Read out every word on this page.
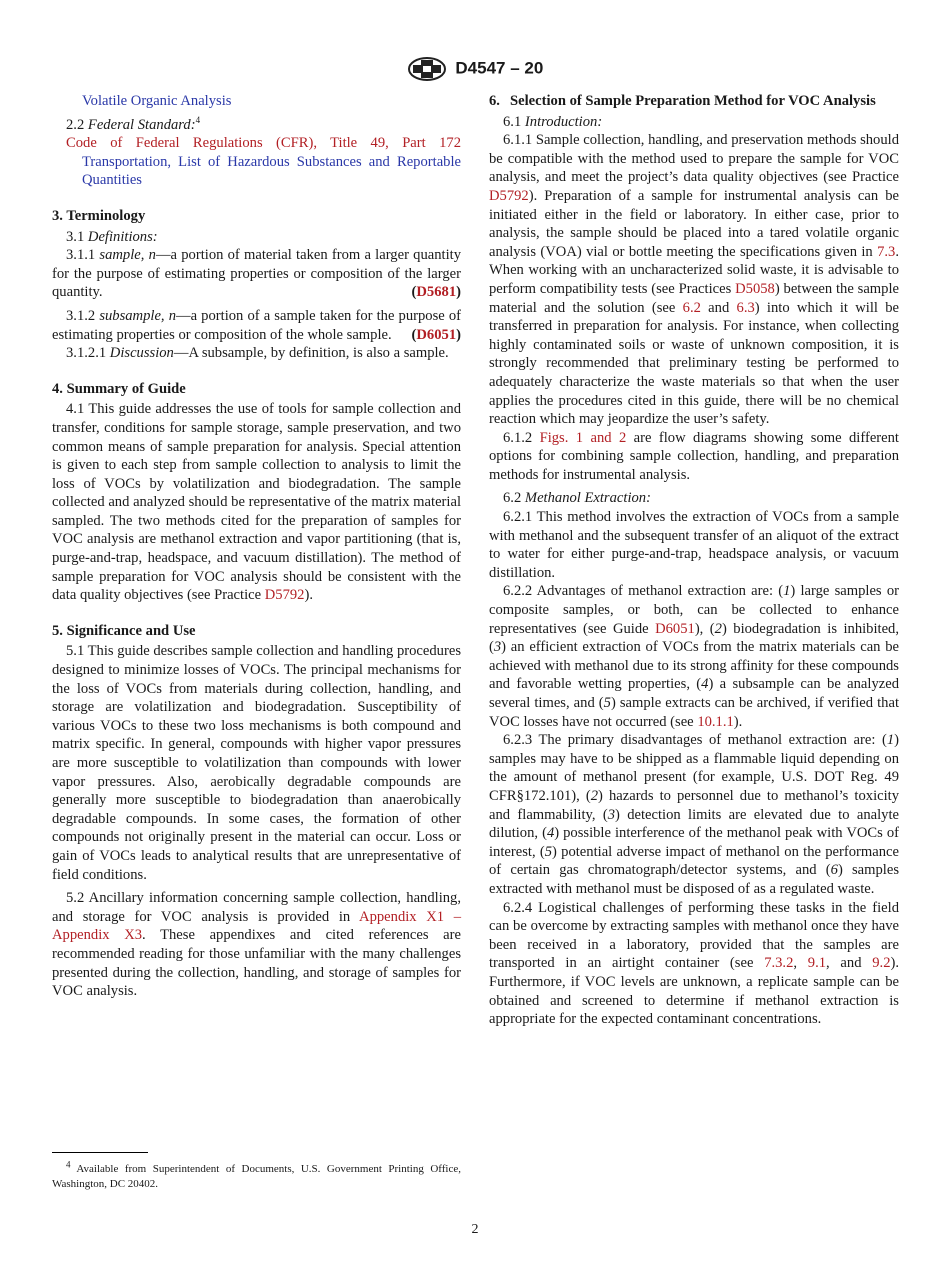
D4547 – 20

Volatile Organic Analysis

2.2 Federal Standard:$^4$

Code of Federal Regulations (CFR), Title 49, Part 172 Transportation, List of Hazardous Substances and Reportable Quantities

3. Terminology

3.1 Definitions:

3.1.1 sample, n—a portion of material taken from a larger quantity for the purpose of estimating properties or composition of the larger quantity.	(D5681)

3.1.2 subsample, n—a portion of a sample taken for the purpose of estimating properties or composition of the whole sample.	(D6051)

3.1.2.1 Discussion—A subsample, by definition, is also a sample.

4. Summary of Guide

4.1 This guide addresses the use of tools for sample collection and transfer, conditions for sample storage, sample preservation, and two common means of sample preparation for analysis. Special attention is given to each step from sample collection to analysis to limit the loss of VOCs by volatilization and biodegradation. The sample collected and analyzed should be representative of the matrix material sampled. The two methods cited for the preparation of samples for VOC analysis are methanol extraction and vapor partitioning (that is, purge-and-trap, headspace, and vacuum distillation). The method of sample preparation for VOC analysis should be consistent with the data quality objectives (see Practice D5792).

5. Significance and Use

5.1 This guide describes sample collection and handling procedures designed to minimize losses of VOCs. The principal mechanisms for the loss of VOCs from materials during collection, handling, and storage are volatilization and biodegradation. Susceptibility of various VOCs to these two loss mechanisms is both compound and matrix specific. In general, compounds with higher vapor pressures are more susceptible to volatilization than compounds with lower vapor pressures. Also, aerobically degradable compounds are generally more susceptible to biodegradation than anaerobically degradable compounds. In some cases, the formation of other compounds not originally present in the material can occur. Loss or gain of VOCs leads to analytical results that are unrepresentative of field conditions.

5.2 Ancillary information concerning sample collection, handling, and storage for VOC analysis is provided in Appendix X1 – Appendix X3. These appendixes and cited references are recommended reading for those unfamiliar with the many challenges presented during the collection, handling, and storage of samples for VOC analysis.

$^4$ Available from Superintendent of Documents, U.S. Government Printing Office, Washington, DC 20402.

6. Selection of Sample Preparation Method for VOC Analysis

6.1 Introduction:

6.1.1 Sample collection, handling, and preservation methods should be compatible with the method used to prepare the sample for VOC analysis, and meet the project’s data quality objectives (see Practice D5792). Preparation of a sample for instrumental analysis can be initiated either in the field or laboratory. In either case, prior to analysis, the sample should be placed into a tared volatile organic analysis (VOA) vial or bottle meeting the specifications given in 7.3. When working with an uncharacterized solid waste, it is advisable to perform compatibility tests (see Practices D5058) between the sample material and the solution (see 6.2 and 6.3) into which it will be transferred in preparation for analysis. For instance, when collecting highly contaminated soils or waste of unknown composition, it is strongly recommended that preliminary testing be performed to adequately characterize the waste materials so that when the user applies the procedures cited in this guide, there will be no chemical reaction which may jeopardize the user’s safety.

6.1.2 Figs. 1 and 2 are flow diagrams showing some different options for combining sample collection, handling, and preparation methods for instrumental analysis.

6.2 Methanol Extraction:

6.2.1 This method involves the extraction of VOCs from a sample with methanol and the subsequent transfer of an aliquot of the extract to water for either purge-and-trap, headspace analysis, or vacuum distillation.

6.2.2 Advantages of methanol extraction are: (1) large samples or composite samples, or both, can be collected to enhance representatives (see Guide D6051), (2) biodegradation is inhibited, (3) an efficient extraction of VOCs from the matrix materials can be achieved with methanol due to its strong affinity for these compounds and favorable wetting properties, (4) a subsample can be analyzed several times, and (5) sample extracts can be archived, if verified that VOC losses have not occurred (see 10.1.1).

6.2.3 The primary disadvantages of methanol extraction are: (1) samples may have to be shipped as a flammable liquid depending on the amount of methanol present (for example, U.S. DOT Reg. 49 CFR§172.101), (2) hazards to personnel due to methanol’s toxicity and flammability, (3) detection limits are elevated due to analyte dilution, (4) possible interference of the methanol peak with VOCs of interest, (5) potential adverse impact of methanol on the performance of certain gas chromatograph/detector systems, and (6) samples extracted with methanol must be disposed of as a regulated waste.

6.2.4 Logistical challenges of performing these tasks in the field can be overcome by extracting samples with methanol once they have been received in a laboratory, provided that the samples are transported in an airtight container (see 7.3.2, 9.1, and 9.2). Furthermore, if VOC levels are unknown, a replicate sample can be obtained and screened to determine if methanol extraction is appropriate for the expected contaminant concentrations.

2
